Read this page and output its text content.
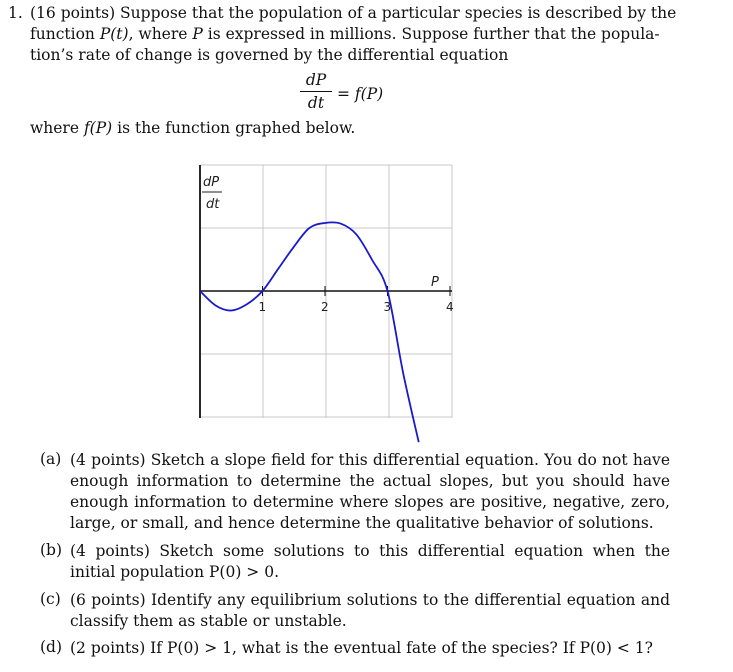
1. (16 points) Suppose that the population of a particular species is described by the
function P(t), where P is expressed in millions. Suppose further that the popula-
tion’s rate of change is governed by the differential equation
dP
dt = f(P)
where f(P) is the function graphed below.
1	2	3	4
dP
dt
P
(a) (4 points) Sketch a slope field for this differential equation. You do not have enough information to determine the actual slopes, but you should have enough information to determine where slopes are positive, negative, zero, large, or small, and hence determine the qualitative behavior of solutions.
(b) (4 points) Sketch some solutions to this differential equation when the initial population P(0) > 0.
(c) (6 points) Identify any equilibrium solutions to the differential equation and classify them as stable or unstable.
(d) (2 points) If P(0) > 1, what is the eventual fate of the species? If P(0) < 1?
